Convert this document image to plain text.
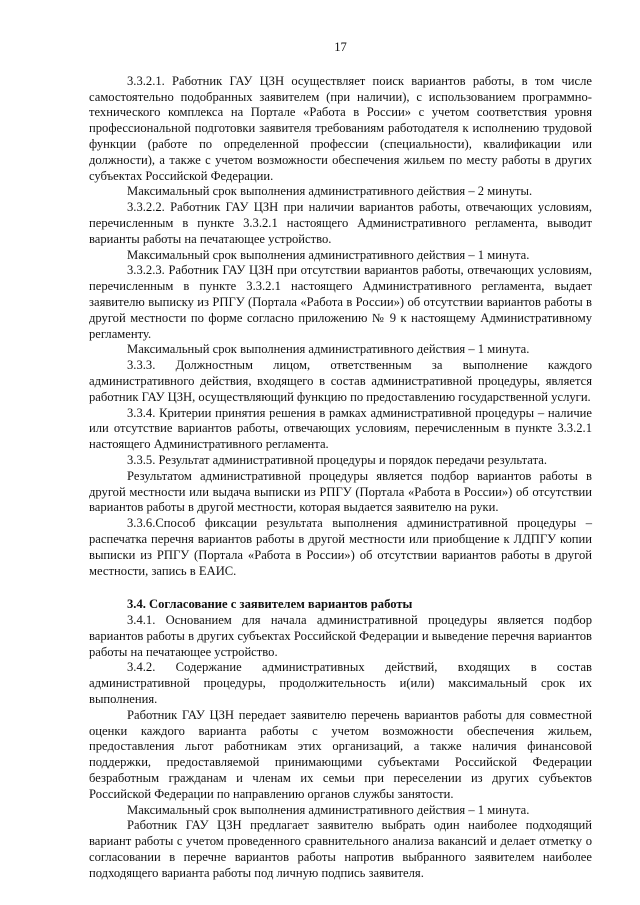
17

3.3.2.1. Работник ГАУ ЦЗН осуществляет поиск вариантов работы, в том числе самостоятельно подобранных заявителем (при наличии), с использованием программно-технического комплекса на Портале «Работа в России» с учетом соответствия уровня профессиональной подготовки заявителя требованиям работодателя к исполнению трудовой функции (работе по определенной профессии (специальности), квалификации или должности), а также с учетом возможности обеспечения жильем по месту работы в других субъектах Российской Федерации.

Максимальный срок выполнения административного действия – 2 минуты.

3.3.2.2. Работник ГАУ ЦЗН при наличии вариантов работы, отвечающих условиям, перечисленным в пункте 3.3.2.1 настоящего Административного регламента, выводит варианты работы на печатающее устройство.

Максимальный срок выполнения административного действия – 1 минута.

3.3.2.3. Работник ГАУ ЦЗН при отсутствии вариантов работы, отвечающих условиям, перечисленным в пункте 3.3.2.1 настоящего Административного регламента, выдает заявителю выписку из РПГУ (Портала «Работа в России») об отсутствии вариантов работы в другой местности по форме согласно приложению № 9 к настоящему Административному регламенту.

Максимальный срок выполнения административного действия – 1 минута.

3.3.3. Должностным лицом, ответственным за выполнение каждого административного действия, входящего в состав административной процедуры, является работник ГАУ ЦЗН, осуществляющий функцию по предоставлению государственной услуги.

3.3.4. Критерии принятия решения в рамках административной процедуры – наличие или отсутствие вариантов работы, отвечающих условиям, перечисленным в пункте 3.3.2.1 настоящего Административного регламента.

3.3.5. Результат административной процедуры и порядок передачи результата.

Результатом административной процедуры является подбор вариантов работы в другой местности или выдача выписки из РПГУ (Портала «Работа в России») об отсутствии вариантов работы в другой местности, которая выдается заявителю на руки.

3.3.6.Способ фиксации результата выполнения административной процедуры – распечатка перечня вариантов работы в другой местности или приобщение к ЛДПГУ копии выписки из РПГУ (Портала «Работа в России») об отсутствии вариантов работы в другой местности, запись в ЕАИС.

3.4. Согласование с заявителем вариантов работы

3.4.1. Основанием для начала административной процедуры является подбор вариантов работы в других субъектах Российской Федерации и выведение перечня вариантов работы на печатающее устройство.

3.4.2. Содержание административных действий, входящих в состав административной процедуры, продолжительность и(или) максимальный срок их выполнения.

Работник ГАУ ЦЗН передает заявителю перечень вариантов работы для совместной оценки каждого варианта работы с учетом возможности обеспечения жильем, предоставления льгот работникам этих организаций, а также наличия финансовой поддержки, предоставляемой принимающими субъектами Российской Федерации безработным гражданам и членам их семьи при переселении из других субъектов Российской Федерации по направлению органов службы занятости.

Максимальный срок выполнения административного действия – 1 минута.

Работник ГАУ ЦЗН предлагает заявителю выбрать один наиболее подходящий вариант работы с учетом проведенного сравнительного анализа вакансий и делает отметку о согласовании в перечне вариантов работы напротив выбранного заявителем наиболее подходящего варианта работы под личную подпись заявителя.
